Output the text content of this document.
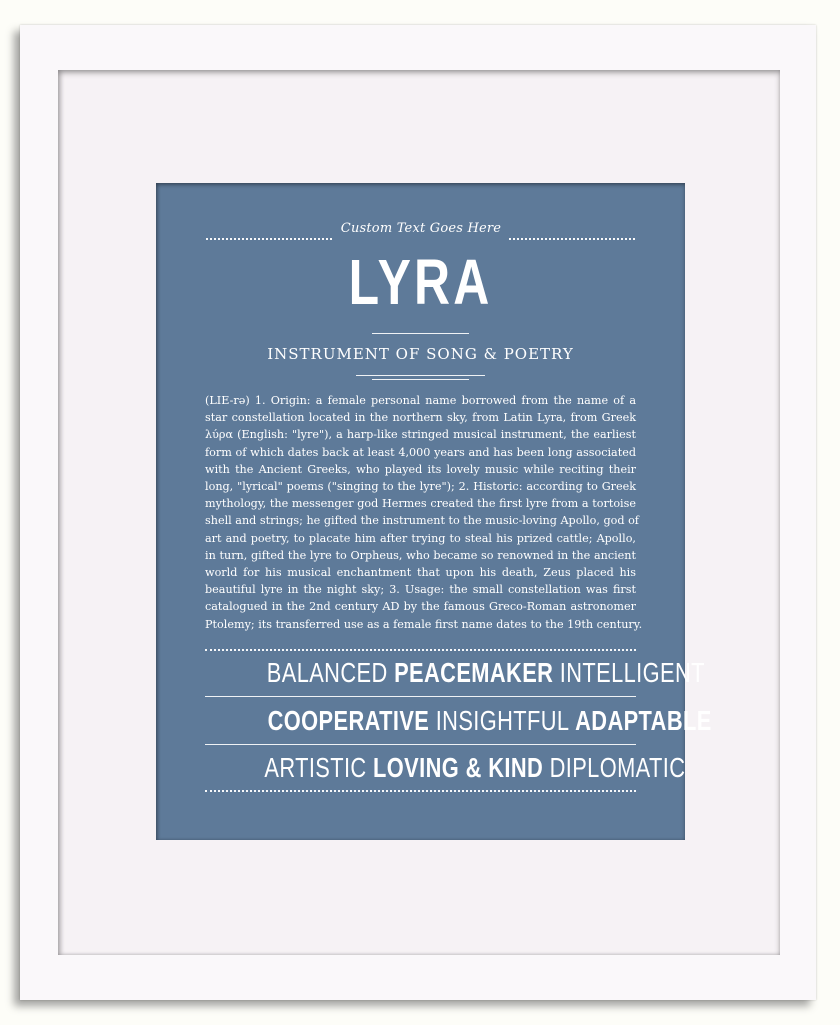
Custom Text Goes Here
LYRA
INSTRUMENT OF SONG & POETRY
(LIE-rə) 1. Origin: a female personal name borrowed from the name of a
star constellation located in the northern sky, from Latin Lyra, from Greek
λύρα (English: "lyre"), a harp-like stringed musical instrument, the earliest
form of which dates back at least 4,000 years and has been long associated
with the Ancient Greeks, who played its lovely music while reciting their
long, "lyrical" poems ("singing to the lyre"); 2. Historic: according to Greek
mythology, the messenger god Hermes created the first lyre from a tortoise
shell and strings; he gifted the instrument to the music-loving Apollo, god of
art and poetry, to placate him after trying to steal his prized cattle; Apollo,
in turn, gifted the lyre to Orpheus, who became so renowned in the ancient
world for his musical enchantment that upon his death, Zeus placed his
beautiful lyre in the night sky; 3. Usage: the small constellation was first
catalogued in the 2nd century AD by the famous Greco-Roman astronomer
Ptolemy; its transferred use as a female first name dates to the 19th century.
BALANCED PEACEMAKER INTELLIGENT
COOPERATIVE INSIGHTFUL ADAPTABLE
ARTISTIC LOVING & KIND DIPLOMATIC
